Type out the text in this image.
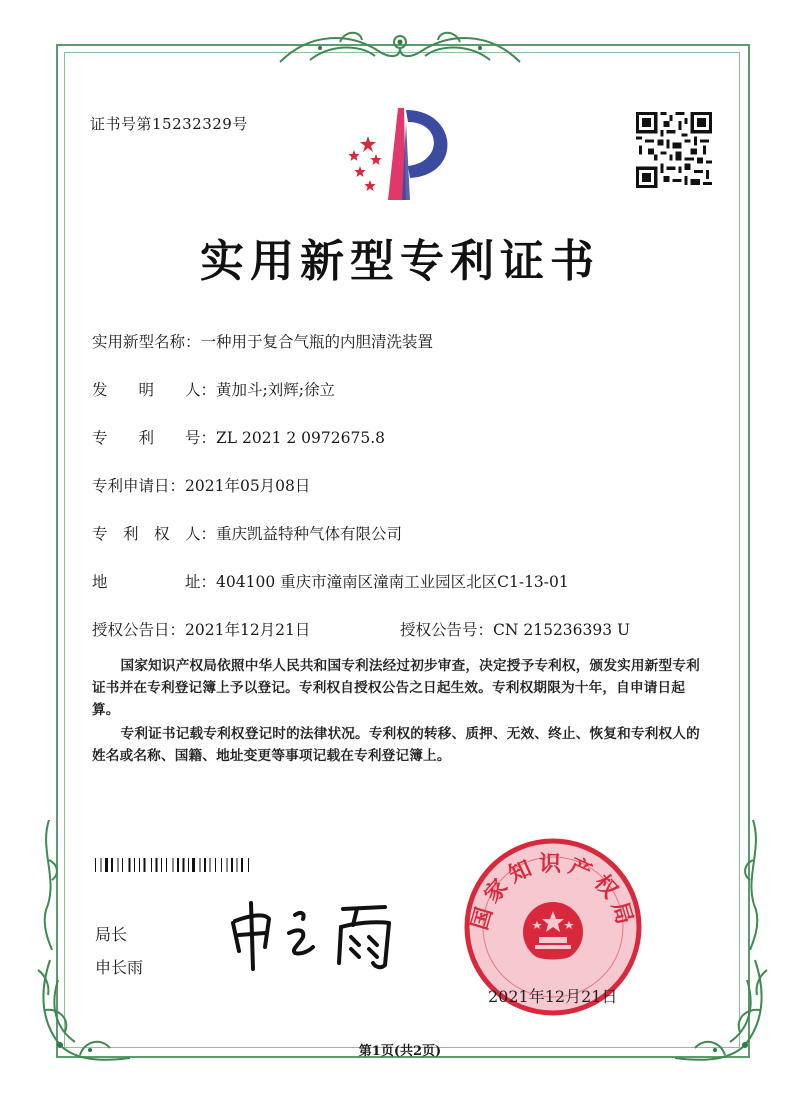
证书号第15232329号
实用新型专利证书
实用新型名称：一种用于复合气瓶的内胆清洗装置
发　　明　　人：黄加斗;刘辉;徐立
专　　利　　号：ZL 2021 2 0972675.8
专利申请日：2021年05月08日
专　利　权　人：重庆凯益特种气体有限公司
地　　　　　址：404100 重庆市潼南区潼南工业园区北区C1-13-01
授权公告日：2021年12月21日	授权公告号：CN 215236393 U

国家知识产权局依照中华人民共和国专利法经过初步审查，决定授予专利权，颁发实用新型专利证书并在专利登记簿上予以登记。专利权自授权公告之日起生效。专利权期限为十年，自申请日起算。

专利证书记载专利权登记时的法律状况。专利权的转移、质押、无效、终止、恢复和专利权人的姓名或名称、国籍、地址变更等事项记载在专利登记簿上。

局长
申长雨
国家知识产权局
2021年12月21日
第1页(共2页)
